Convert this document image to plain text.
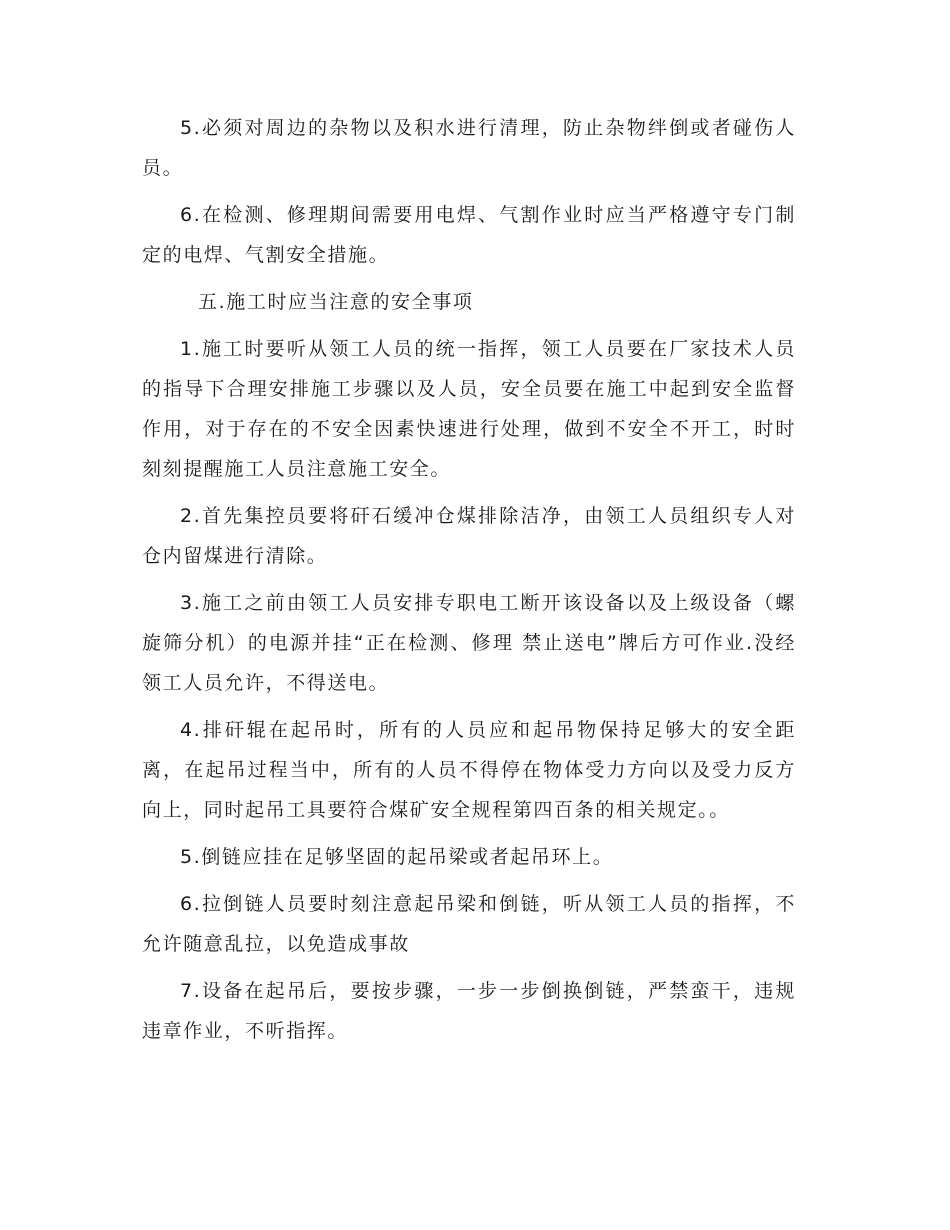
5.必须对周边的杂物以及积水进行清理，防止杂物绊倒或者碰伤人员。

6.在检测、修理期间需要用电焊、气割作业时应当严格遵守专门制定的电焊、气割安全措施。

五.施工时应当注意的安全事项

1.施工时要听从领工人员的统一指挥，领工人员要在厂家技术人员的指导下合理安排施工步骤以及人员，安全员要在施工中起到安全监督作用，对于存在的不安全因素快速进行处理，做到不安全不开工，时时刻刻提醒施工人员注意施工安全。

2.首先集控员要将矸石缓冲仓煤排除洁净，由领工人员组织专人对仓内留煤进行清除。

3.施工之前由领工人员安排专职电工断开该设备以及上级设备（螺旋筛分机）的电源并挂“正在检测、修理 禁止送电”牌后方可作业.没经领工人员允许，不得送电。

4.排矸辊在起吊时，所有的人员应和起吊物保持足够大的安全距离，在起吊过程当中，所有的人员不得停在物体受力方向以及受力反方向上，同时起吊工具要符合煤矿安全规程第四百条的相关规定。。

5.倒链应挂在足够坚固的起吊梁或者起吊环上。

6.拉倒链人员要时刻注意起吊梁和倒链，听从领工人员的指挥，不允许随意乱拉，以免造成事故

7.设备在起吊后，要按步骤，一步一步倒换倒链，严禁蛮干，违规违章作业，不听指挥。
